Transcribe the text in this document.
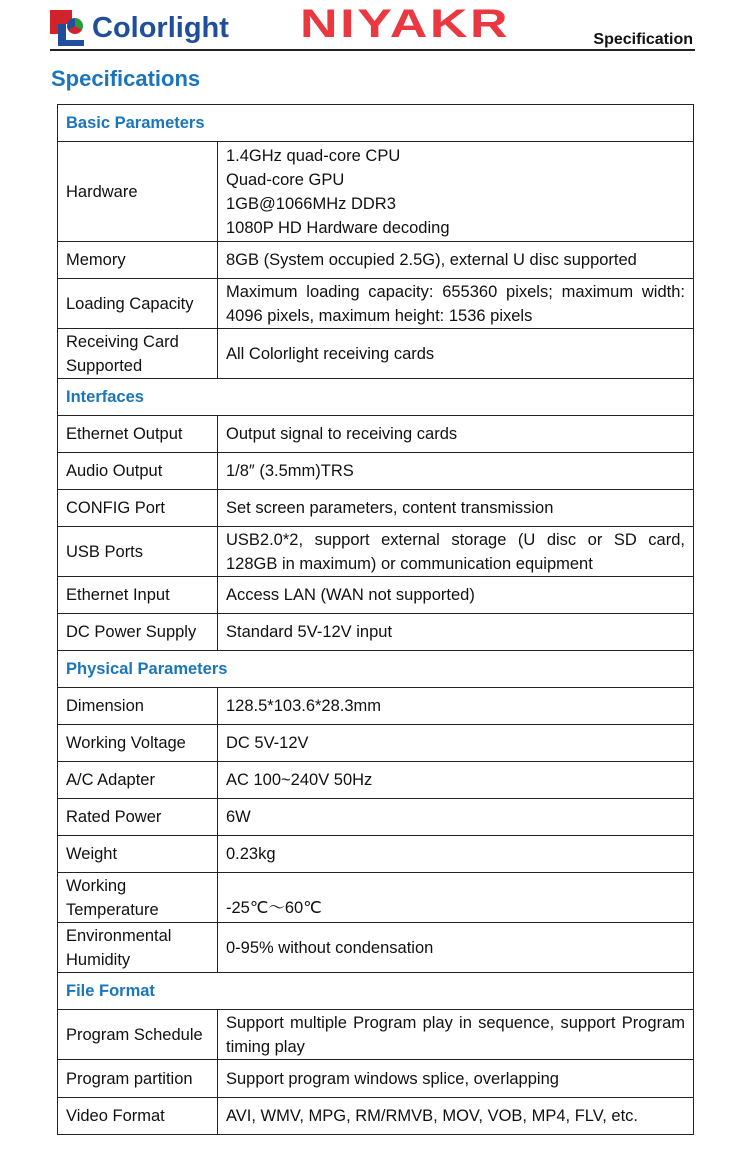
Colorlight NIYAKR	Specification
Specifications
Basic Parameters	
Hardware	1.4GHz quad-core CPU
Quad-core GPU
1GB@1066MHz DDR3
1080P HD Hardware decoding
Memory	8GB (System occupied 2.5G), external U disc supported
Loading Capacity	Maximum loading capacity: 655360 pixels; maximum width: 4096 pixels, maximum height: 1536 pixels
Receiving Card Supported	All Colorlight receiving cards
Interfaces	
Ethernet Output	Output signal to receiving cards
Audio Output	1/8″ (3.5mm)TRS
CONFIG Port	Set screen parameters, content transmission
USB Ports	USB2.0*2, support external storage (U disc or SD card, 128GB in maximum) or communication equipment
Ethernet Input	Access LAN (WAN not supported)
DC Power Supply	Standard 5V-12V input
Physical Parameters	
Dimension	128.5*103.6*28.3mm
Working Voltage	DC 5V-12V
A/C Adapter	AC 100~240V 50Hz
Rated Power	6W
Weight	0.23kg
Working Temperature	-25℃～60℃
Environmental Humidity	0-95% without condensation
File Format	
Program Schedule	Support multiple Program play in sequence, support Program timing play
Program partition	Support program windows splice, overlapping
Video Format	AVI, WMV, MPG, RM/RMVB, MOV, VOB, MP4, FLV, etc.
